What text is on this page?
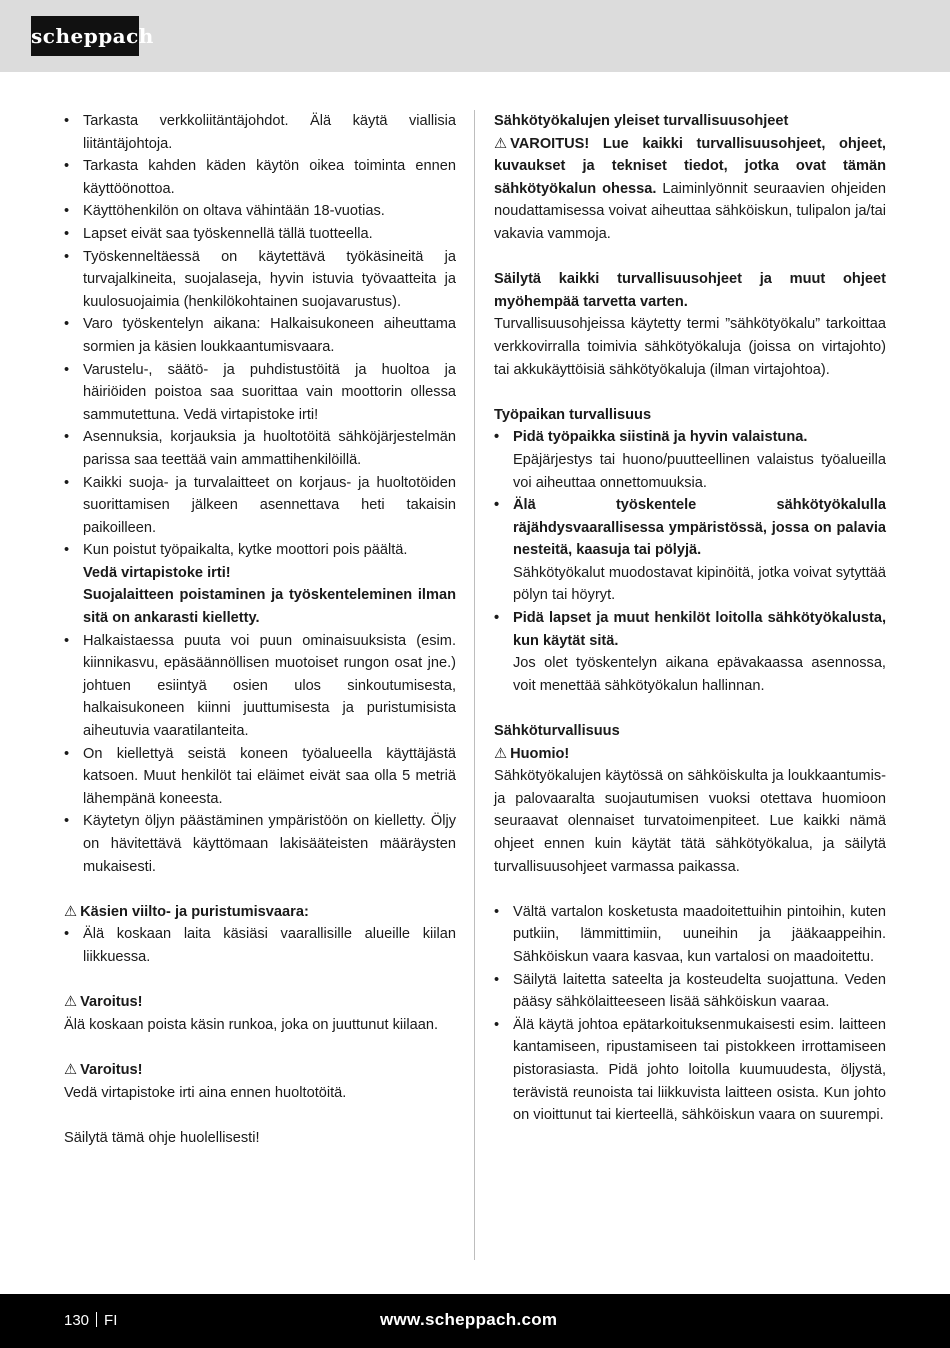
scheppach
• Tarkasta verkkoliitäntäjohdot. Älä käytä viallisia liitäntäjohtoja.
• Tarkasta kahden käden käytön oikea toiminta ennen käyttöönottoa.
• Käyttöhenkilön on oltava vähintään 18-vuotias.
• Lapset eivät saa työskennellä tällä tuotteella.
• Työskenneltäessä on käytettävä työkäsineitä ja turvajalkineita, suojalaseja, hyvin istuvia työvaatteita ja kuulosuojaimia (henkilökohtainen suojavarustus).
• Varo työskentelyn aikana: Halkaisukoneen aiheuttama sormien ja käsien loukkaantumisvaara.
• Varustelu-, säätö- ja puhdistustöitä ja huoltoa ja häiriöiden poistoa saa suorittaa vain moottorin ollessa sammutettuna. Vedä virtapistoke irti!
• Asennuksia, korjauksia ja huoltotöitä sähköjärjestelmän parissa saa teettää vain ammattihenkilöillä.
• Kaikki suoja- ja turvalaitteet on korjaus- ja huoltotöiden suorittamisen jälkeen asennettava heti takaisin paikoilleen.
• Kun poistut työpaikalta, kytke moottori pois päältä.
Vedä virtapistoke irti!
Suojalaitteen poistaminen ja työskenteleminen ilman sitä on ankarasti kielletty.
• Halkaistaessa puuta voi puun ominaisuuksista (esim. kiinnikasvu, epäsäännöllisen muotoiset rungon osat jne.) johtuen esiintyä osien ulos sinkoutumisesta, halkaisukoneen kiinni juuttumisesta ja puristumisista aiheutuvia vaaratilanteita.
• On kiellettyä seistä koneen työalueella käyttäjästä katsoen. Muut henkilöt tai eläimet eivät saa olla 5 metriä lähempänä koneesta.
• Käytetyn öljyn päästäminen ympäristöön on kielletty. Öljy on hävitettävä käyttömaan lakisääteisten määräysten mukaisesti.

⚠ Käsien viilto- ja puristumisvaara:

• Älä koskaan laita käsiäsi vaarallisille alueille kiilan liikkuessa.

⚠ Varoitus!

Älä koskaan poista käsin runkoa, joka on juuttunut kiilaan.

⚠ Varoitus!

Vedä virtapistoke irti aina ennen huoltotöitä.

Säilytä tämä ohje huolellisesti!

Sähkötyökalujen yleiset turvallisuusohjeet

⚠ VAROITUS! Lue kaikki turvallisuusohjeet, ohjeet, kuvaukset ja tekniset tiedot, jotka ovat tämän sähkötyökalun ohessa. Laiminlyönnit seuraavien ohjeiden noudattamisessa voivat aiheuttaa sähköiskun, tulipalon ja/tai vakavia vammoja.

Säilytä kaikki turvallisuusohjeet ja muut ohjeet myöhempää tarvetta varten.

Turvallisuusohjeissa käytetty termi ”sähkötyökalu” tarkoittaa verkkovirralla toimivia sähkötyökaluja (joissa on virtajohto) tai akkukäyttöisiä sähkötyökaluja (ilman virtajohtoa).

Työpaikan turvallisuus

• Pidä työpaikka siistinä ja hyvin valaistuna.

Epäjärjestys tai huono/puutteellinen valaistus työalueilla voi aiheuttaa onnettomuuksia.

• Älä työskentele sähkötyökalulla räjähdysvaarallisessa ympäristössä, jossa on palavia nesteitä, kaasuja tai pölyjä.

Sähkötyökalut muodostavat kipinöitä, jotka voivat sytyttää pölyn tai höyryt.

• Pidä lapset ja muut henkilöt loitolla sähkötyökalusta, kun käytät sitä.

Jos olet työskentelyn aikana epävakaassa asennossa, voit menettää sähkötyökalun hallinnan.

Sähköturvallisuus

⚠ Huomio!

Sähkötyökalujen käytössä on sähköiskulta ja loukkaantumis- ja palovaaralta suojautumisen vuoksi otettava huomioon seuraavat olennaiset turvatoimenpiteet. Lue kaikki nämä ohjeet ennen kuin käytät tätä sähkötyökalua, ja säilytä turvallisuusohjeet varmassa paikassa.

• Vältä vartalon kosketusta maadoitettuihin pintoihin, kuten putkiin, lämmittimiin, uuneihin ja jääkaappeihin. Sähköiskun vaara kasvaa, kun vartalosi on maadoitettu.
• Säilytä laitetta sateelta ja kosteudelta suojattuna. Veden pääsy sähkölaitteeseen lisää sähköiskun vaaraa.
• Älä käytä johtoa epätarkoituksenmukaisesti esim. laitteen kantamiseen, ripustamiseen tai pistokkeen irrottamiseen pistorasiasta. Pidä johto loitolla kuumuudesta, öljystä, terävistä reunoista tai liikkuvista laitteen osista. Kun johto on vioittunut tai kierteellä, sähköiskun vaara on suurempi.
130 FI	www.scheppach.com
